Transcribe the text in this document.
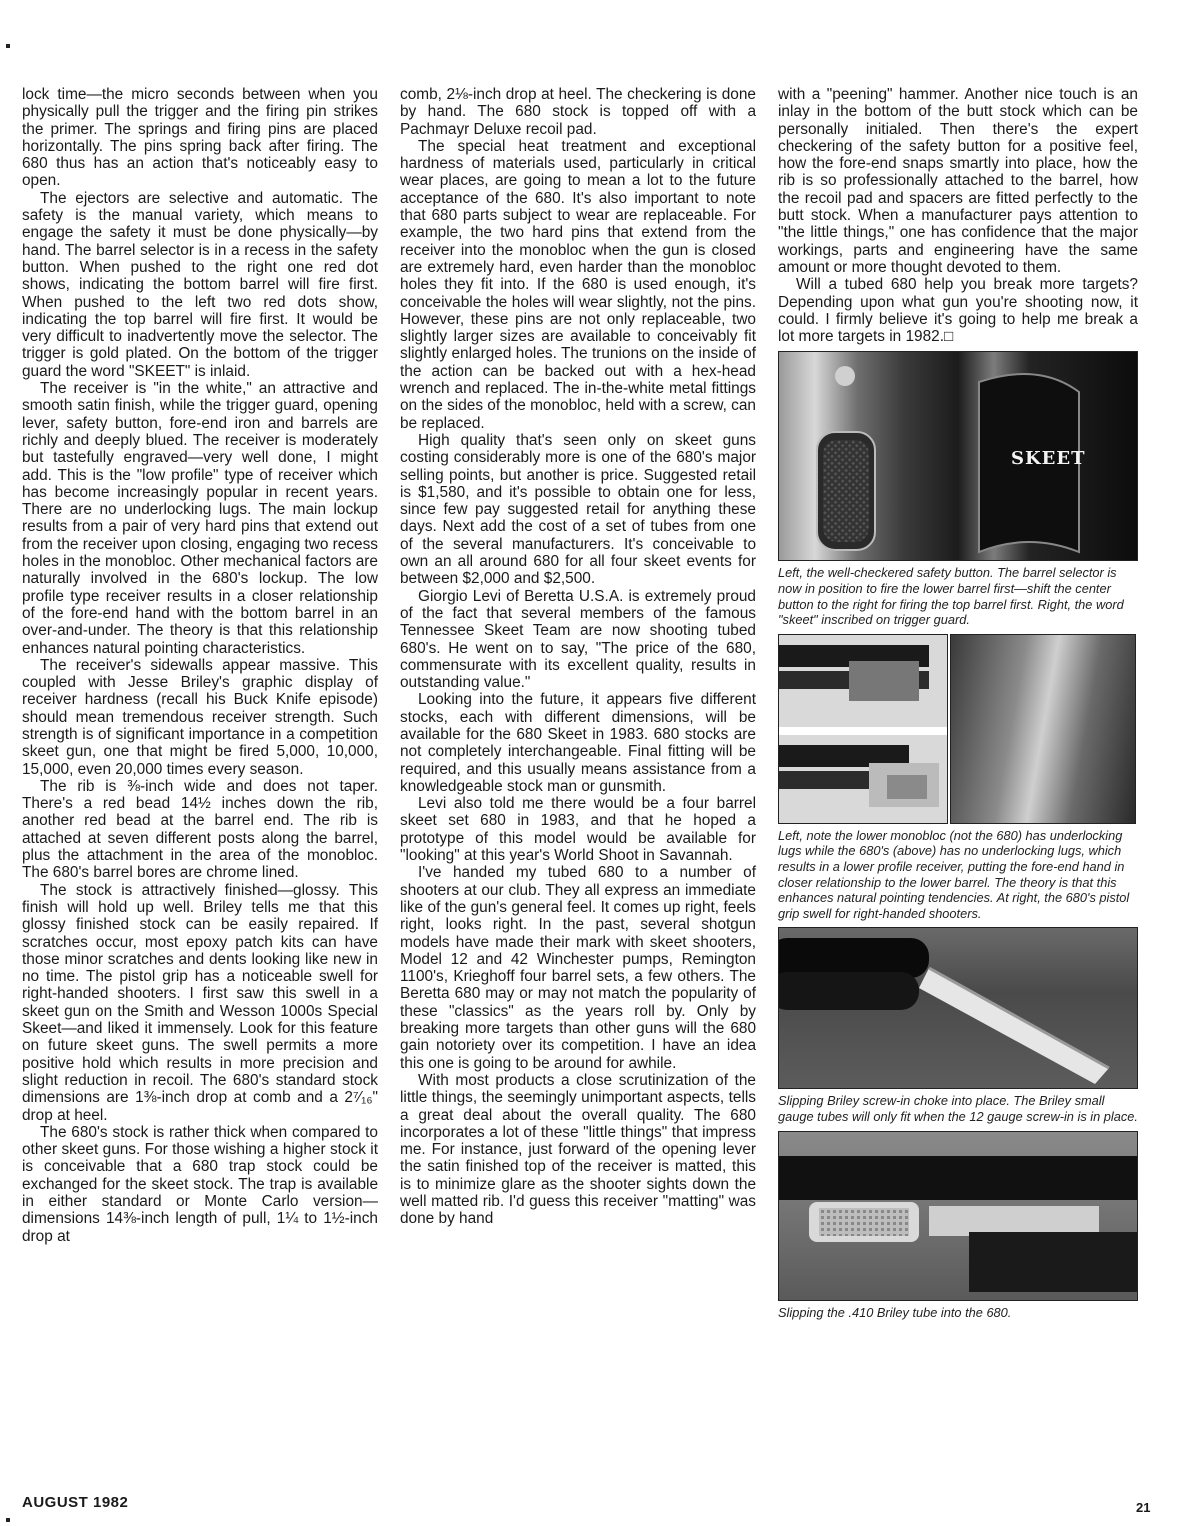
lock time—the micro seconds between when you physically pull the trigger and the firing pin strikes the primer. The springs and firing pins are placed horizontally. The pins spring back after firing. The 680 thus has an action that's noticeably easy to open.

The ejectors are selective and automatic. The safety is the manual variety, which means to engage the safety it must be done physically—by hand. The barrel selector is in a recess in the safety button. When pushed to the right one red dot shows, indicating the bottom barrel will fire first. When pushed to the left two red dots show, indicating the top barrel will fire first. It would be very difficult to inadvertently move the selector. The trigger is gold plated. On the bottom of the trigger guard the word "SKEET" is inlaid.

The receiver is "in the white," an attractive and smooth satin finish, while the trigger guard, opening lever, safety button, fore-end iron and barrels are richly and deeply blued. The receiver is moderately but tastefully engraved—very well done, I might add. This is the "low profile" type of receiver which has become increasingly popular in recent years. There are no underlocking lugs. The main lockup results from a pair of very hard pins that extend out from the receiver upon closing, engaging two recess holes in the monobloc. Other mechanical factors are naturally involved in the 680's lockup. The low profile type receiver results in a closer relationship of the fore-end hand with the bottom barrel in an over-and-under. The theory is that this relationship enhances natural pointing characteristics.

The receiver's sidewalls appear massive. This coupled with Jesse Briley's graphic display of receiver hardness (recall his Buck Knife episode) should mean tremendous receiver strength. Such strength is of significant importance in a competition skeet gun, one that might be fired 5,000, 10,000, 15,000, even 20,000 times every season.

The rib is ⅜-inch wide and does not taper. There's a red bead 14½ inches down the rib, another red bead at the barrel end. The rib is attached at seven different posts along the barrel, plus the attachment in the area of the monobloc. The 680's barrel bores are chrome lined.

The stock is attractively finished—glossy. This finish will hold up well. Briley tells me that this glossy finished stock can be easily repaired. If scratches occur, most epoxy patch kits can have those minor scratches and dents looking like new in no time. The pistol grip has a noticeable swell for right-handed shooters. I first saw this swell in a skeet gun on the Smith and Wesson 1000s Special Skeet—and liked it immensely. Look for this feature on future skeet guns. The swell permits a more positive hold which results in more precision and slight reduction in recoil. The 680's standard stock dimensions are 1⅜-inch drop at comb and a 2⁷⁄₁₆" drop at heel.

The 680's stock is rather thick when compared to other skeet guns. For those wishing a higher stock it is conceivable that a 680 trap stock could be exchanged for the skeet stock. The trap is available in either standard or Monte Carlo version—dimensions 14⅜-inch length of pull, 1¼ to 1½-inch drop at

comb, 2⅛-inch drop at heel. The checkering is done by hand. The 680 stock is topped off with a Pachmayr Deluxe recoil pad.

The special heat treatment and exceptional hardness of materials used, particularly in critical wear places, are going to mean a lot to the future acceptance of the 680. It's also important to note that 680 parts subject to wear are replaceable. For example, the two hard pins that extend from the receiver into the monobloc when the gun is closed are extremely hard, even harder than the monobloc holes they fit into. If the 680 is used enough, it's conceivable the holes will wear slightly, not the pins. However, these pins are not only replaceable, two slightly larger sizes are available to conceivably fit slightly enlarged holes. The trunions on the inside of the action can be backed out with a hex-head wrench and replaced. The in-the-white metal fittings on the sides of the monobloc, held with a screw, can be replaced.

High quality that's seen only on skeet guns costing considerably more is one of the 680's major selling points, but another is price. Suggested retail is $1,580, and it's possible to obtain one for less, since few pay suggested retail for anything these days. Next add the cost of a set of tubes from one of the several manufacturers. It's conceivable to own an all around 680 for all four skeet events for between $2,000 and $2,500.

Giorgio Levi of Beretta U.S.A. is extremely proud of the fact that several members of the famous Tennessee Skeet Team are now shooting tubed 680's. He went on to say, "The price of the 680, commensurate with its excellent quality, results in outstanding value."

Looking into the future, it appears five different stocks, each with different dimensions, will be available for the 680 Skeet in 1983. 680 stocks are not completely interchangeable. Final fitting will be required, and this usually means assistance from a knowledgeable stock man or gunsmith.

Levi also told me there would be a four barrel skeet set 680 in 1983, and that he hoped a prototype of this model would be available for "looking" at this year's World Shoot in Savannah.

I've handed my tubed 680 to a number of shooters at our club. They all express an immediate like of the gun's general feel. It comes up right, feels right, looks right. In the past, several shotgun models have made their mark with skeet shooters, Model 12 and 42 Winchester pumps, Remington 1100's, Krieghoff four barrel sets, a few others. The Beretta 680 may or may not match the popularity of these "classics" as the years roll by. Only by breaking more targets than other guns will the 680 gain notoriety over its competition. I have an idea this one is going to be around for awhile.

With most products a close scrutinization of the little things, the seemingly unimportant aspects, tells a great deal about the overall quality. The 680 incorporates a lot of these "little things" that impress me. For instance, just forward of the opening lever the satin finished top of the receiver is matted, this is to minimize glare as the shooter sights down the well matted rib. I'd guess this receiver "matting" was done by hand

with a "peening" hammer. Another nice touch is an inlay in the bottom of the butt stock which can be personally initialed. Then there's the expert checkering of the safety button for a positive feel, how the fore-end snaps smartly into place, how the rib is so professionally attached to the barrel, how the recoil pad and spacers are fitted perfectly to the butt stock. When a manufacturer pays attention to "the little things," one has confidence that the major workings, parts and engineering have the same amount or more thought devoted to them.

Will a tubed 680 help you break more targets? Depending upon what gun you're shooting now, it could. I firmly believe it's going to help me break a lot more targets in 1982.□

SKEET
Left, the well-checkered safety button. The barrel selector is now in position to fire the lower barrel first—shift the center button to the right for firing the top barrel first. Right, the word "skeet" inscribed on trigger guard.
Left, note the lower monobloc (not the 680) has underlocking lugs while the 680's (above) has no underlocking lugs, which results in a lower profile receiver, putting the fore-end hand in closer relationship to the lower barrel. The theory is that this enhances natural pointing tendencies. At right, the 680's pistol grip swell for right-handed shooters.
Slipping Briley screw-in choke into place. The Briley small gauge tubes will only fit when the 12 gauge screw-in is in place.
Slipping the .410 Briley tube into the 680.
AUGUST 1982	21
